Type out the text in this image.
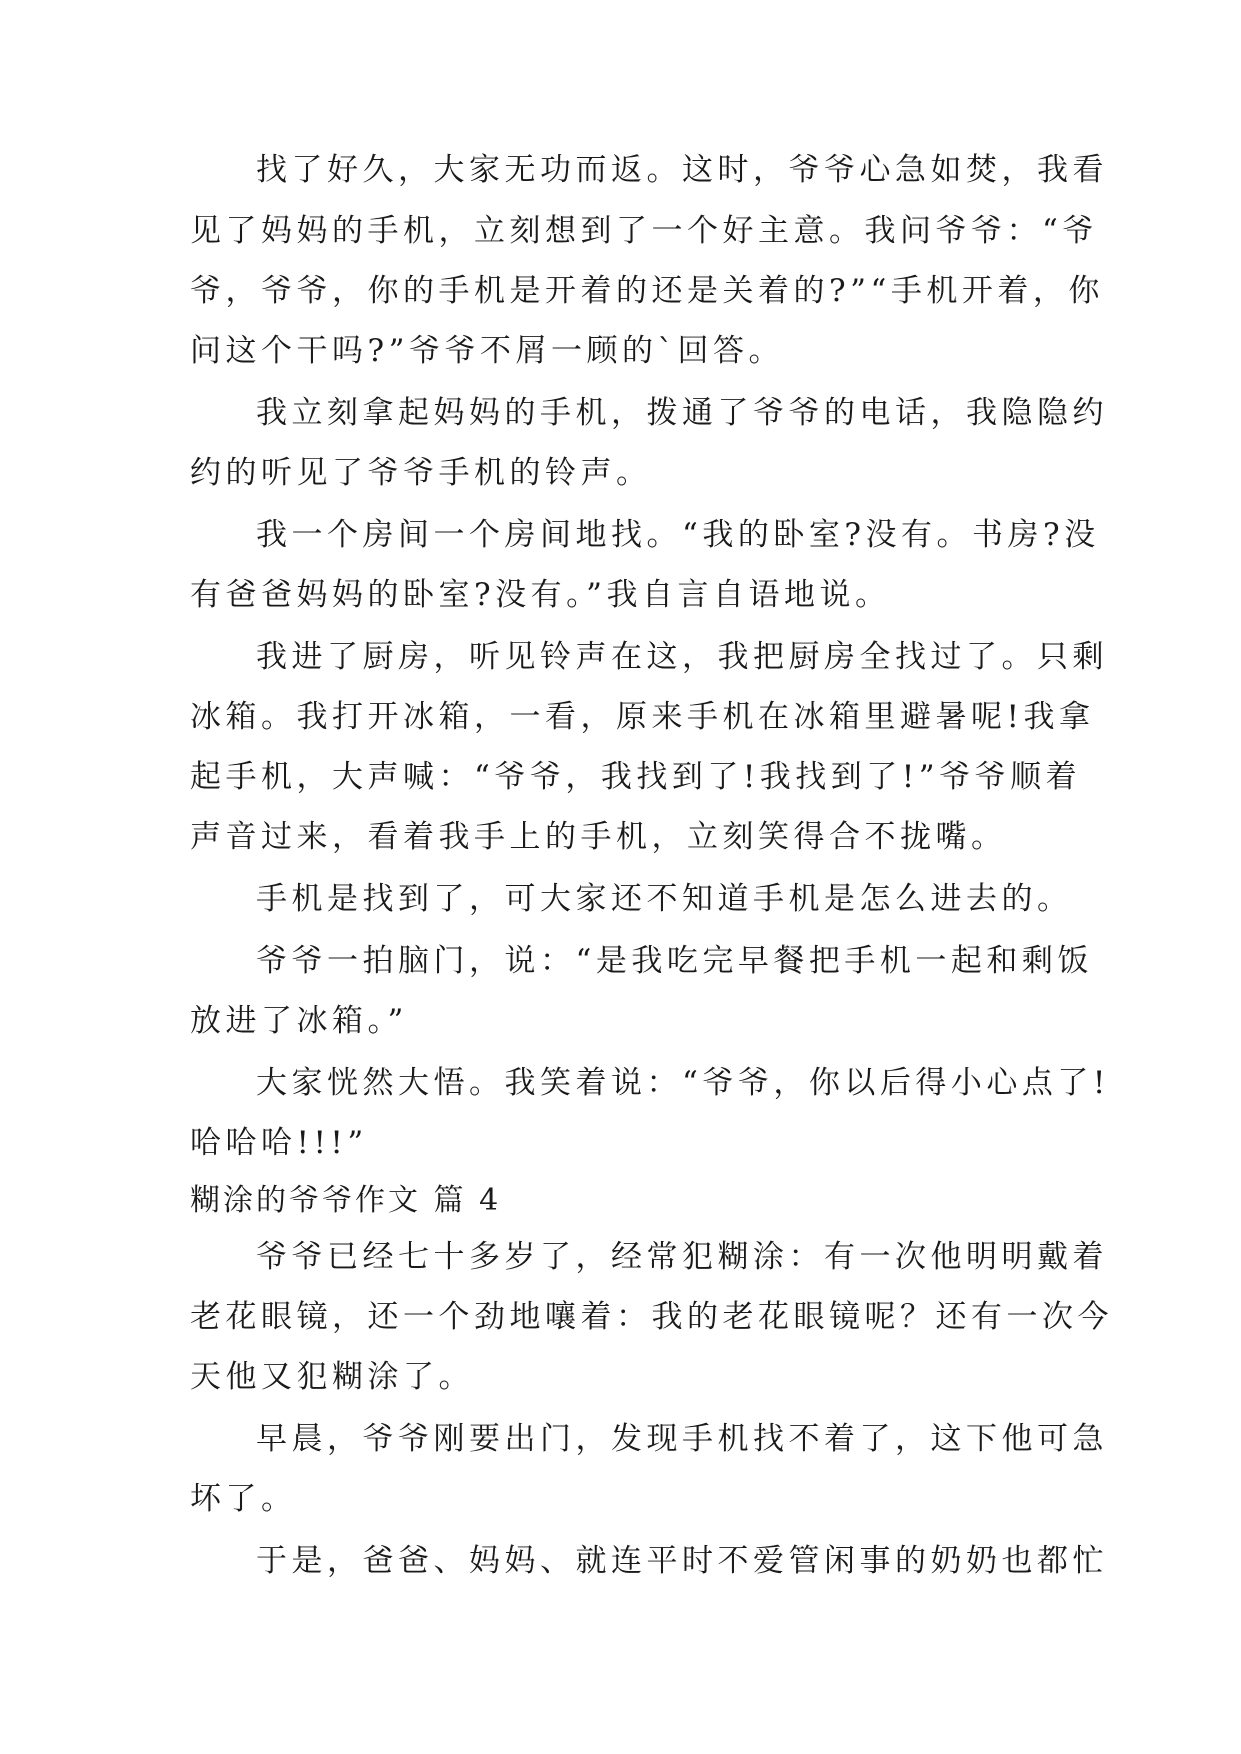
找了好久，大家无功而返。这时，爷爷心急如焚，我看

见了妈妈的手机，立刻想到了一个好主意。我问爷爷：“爷

爷，爷爷，你的手机是开着的还是关着的?”“手机开着，你

问这个干吗?”爷爷不屑一顾的`回答。

我立刻拿起妈妈的手机，拨通了爷爷的电话，我隐隐约

约的听见了爷爷手机的铃声。

我一个房间一个房间地找。“我的卧室?没有。书房?没

有爸爸妈妈的卧室?没有。”我自言自语地说。

我进了厨房，听见铃声在这，我把厨房全找过了。只剩

冰箱。我打开冰箱，一看，原来手机在冰箱里避暑呢!我拿

起手机，大声喊：“爷爷，我找到了!我找到了!”爷爷顺着

声音过来，看着我手上的手机，立刻笑得合不拢嘴。

手机是找到了，可大家还不知道手机是怎么进去的。

爷爷一拍脑门，说：“是我吃完早餐把手机一起和剩饭

放进了冰箱。”

大家恍然大悟。我笑着说：“爷爷，你以后得小心点了!

哈哈哈!!!”

糊涂的爷爷作文 篇 4

爷爷已经七十多岁了，经常犯糊涂：有一次他明明戴着

老花眼镜，还一个劲地嚷着：我的老花眼镜呢？还有一次今

天他又犯糊涂了。

早晨，爷爷刚要出门，发现手机找不着了，这下他可急

坏了。

于是，爸爸、妈妈、就连平时不爱管闲事的奶奶也都忙
